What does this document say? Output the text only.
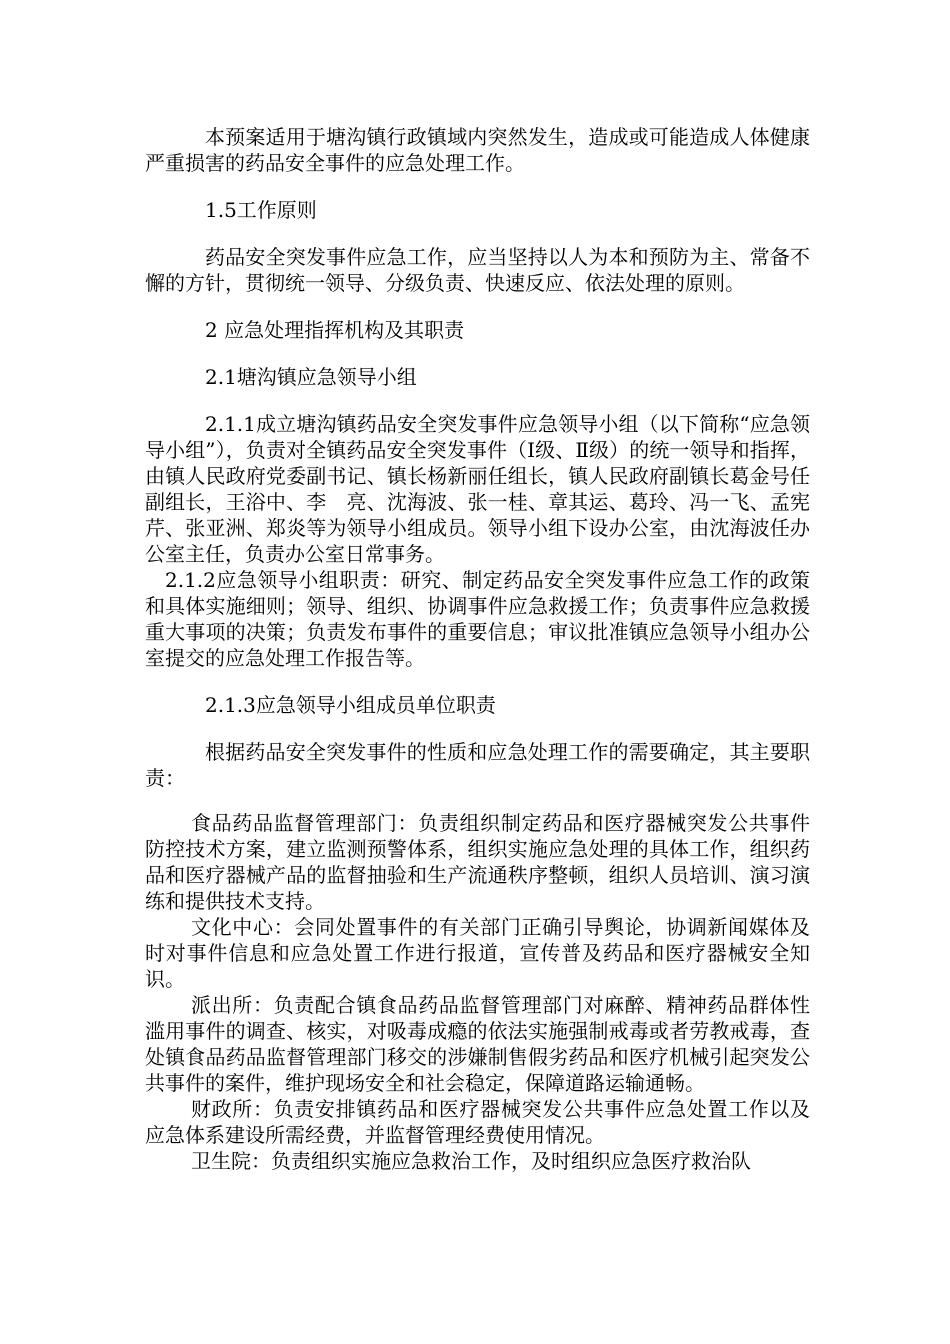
本预案适用于塘沟镇行政镇域内突然发生，造成或可能造成人体健康严重损害的药品安全事件的应急处理工作。

1.5工作原则

药品安全突发事件应急工作，应当坚持以人为本和预防为主、常备不懈的方针，贯彻统一领导、分级负责、快速反应、依法处理的原则。

2 应急处理指挥机构及其职责

2.1塘沟镇应急领导小组

2.1.1成立塘沟镇药品安全突发事件应急领导小组（以下简称“应急领导小组”），负责对全镇药品安全突发事件（Ⅰ级、Ⅱ级）的统一领导和指挥，由镇人民政府党委副书记、镇长杨新丽任组长，镇人民政府副镇长葛金号任副组长，王浴中、李　亮、沈海波、张一桂、章其运、葛玲、冯一飞、孟宪芹、张亚洲、郑炎等为领导小组成员。领导小组下设办公室，由沈海波任办公室主任，负责办公室日常事务。

2.1.2应急领导小组职责：研究、制定药品安全突发事件应急工作的政策和具体实施细则；领导、组织、协调事件应急救援工作；负责事件应急救援重大事项的决策；负责发布事件的重要信息；审议批准镇应急领导小组办公室提交的应急处理工作报告等。

2.1.3应急领导小组成员单位职责

根据药品安全突发事件的性质和应急处理工作的需要确定，其主要职责：

食品药品监督管理部门：负责组织制定药品和医疗器械突发公共事件防控技术方案，建立监测预警体系，组织实施应急处理的具体工作，组织药品和医疗器械产品的监督抽验和生产流通秩序整顿，组织人员培训、演习演练和提供技术支持。

文化中心：会同处置事件的有关部门正确引导舆论，协调新闻媒体及时对事件信息和应急处置工作进行报道，宣传普及药品和医疗器械安全知识。

派出所：负责配合镇食品药品监督管理部门对麻醉、精神药品群体性滥用事件的调查、核实，对吸毒成瘾的依法实施强制戒毒或者劳教戒毒，查处镇食品药品监督管理部门移交的涉嫌制售假劣药品和医疗机械引起突发公共事件的案件，维护现场安全和社会稳定，保障道路运输通畅。

财政所：负责安排镇药品和医疗器械突发公共事件应急处置工作以及应急体系建设所需经费，并监督管理经费使用情况。

卫生院：负责组织实施应急救治工作，及时组织应急医疗救治队
